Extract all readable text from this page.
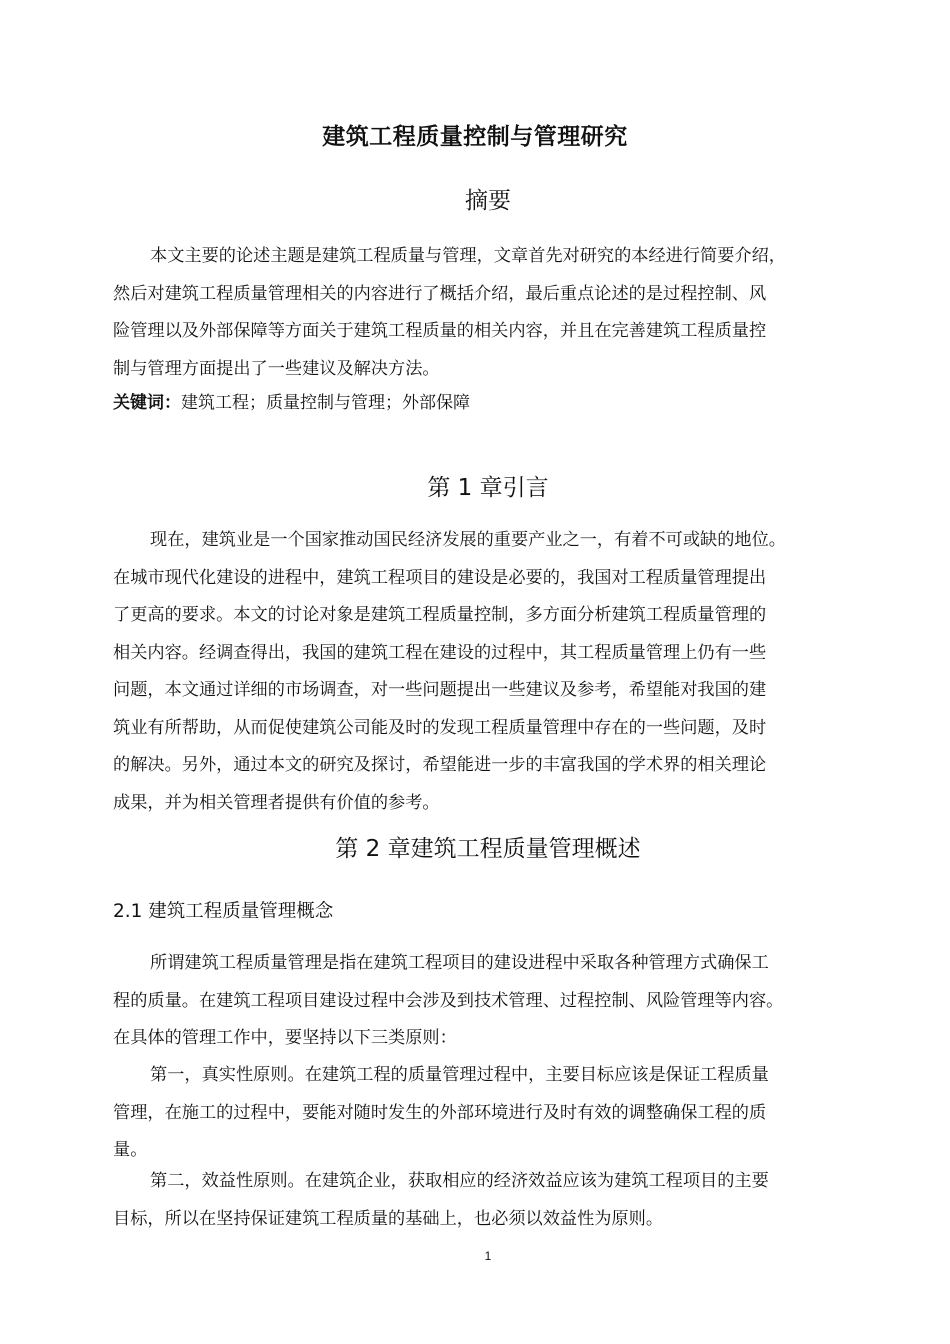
建筑工程质量控制与管理研究
摘要
本文主要的论述主题是建筑工程质量与管理，文章首先对研究的本经进行简要介绍，
然后对建筑工程质量管理相关的内容进行了概括介绍，最后重点论述的是过程控制、风
险管理以及外部保障等方面关于建筑工程质量的相关内容，并且在完善建筑工程质量控
制与管理方面提出了一些建议及解决方法。
关键词：建筑工程；质量控制与管理；外部保障
第 1 章引言
现在，建筑业是一个国家推动国民经济发展的重要产业之一，有着不可或缺的地位。
在城市现代化建设的进程中，建筑工程项目的建设是必要的，我国对工程质量管理提出
了更高的要求。本文的讨论对象是建筑工程质量控制，多方面分析建筑工程质量管理的
相关内容。经调查得出，我国的建筑工程在建设的过程中，其工程质量管理上仍有一些
问题，本文通过详细的市场调查，对一些问题提出一些建议及参考，希望能对我国的建
筑业有所帮助，从而促使建筑公司能及时的发现工程质量管理中存在的一些问题，及时
的解决。另外，通过本文的研究及探讨，希望能进一步的丰富我国的学术界的相关理论
成果，并为相关管理者提供有价值的参考。
第 2 章建筑工程质量管理概述
2.1 建筑工程质量管理概念
所谓建筑工程质量管理是指在建筑工程项目的建设进程中采取各种管理方式确保工
程的质量。在建筑工程项目建设过程中会涉及到技术管理、过程控制、风险管理等内容。
在具体的管理工作中，要坚持以下三类原则：
第一，真实性原则。在建筑工程的质量管理过程中，主要目标应该是保证工程质量
管理，在施工的过程中，要能对随时发生的外部环境进行及时有效的调整确保工程的质
量。
第二，效益性原则。在建筑企业，获取相应的经济效益应该为建筑工程项目的主要
目标，所以在坚持保证建筑工程质量的基础上，也必须以效益性为原则。
1
